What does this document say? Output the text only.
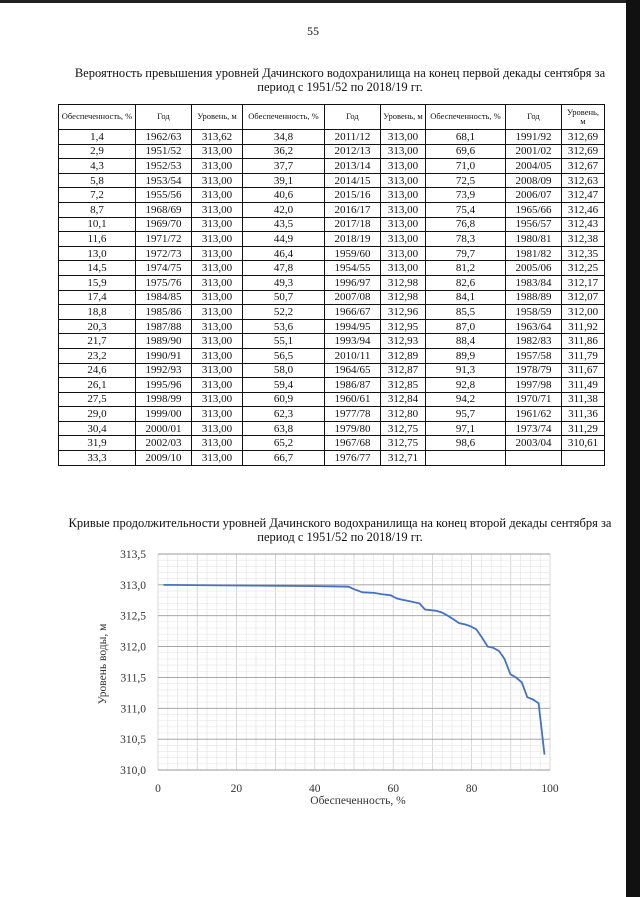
55
Вероятность превышения уровней Дачинского водохранилища на конец первой декады сентября за период с 1951/52 по 2018/19 гг.
Обеспеченность, %	Год	Уровень, м	Обеспеченность, %	Год	Уровень, м	Обеспеченность, %	Год	Уровень, м
1,4	1962/63	313,62	34,8	2011/12	313,00	68,1	1991/92	312,69
2,9	1951/52	313,00	36,2	2012/13	313,00	69,6	2001/02	312,69
4,3	1952/53	313,00	37,7	2013/14	313,00	71,0	2004/05	312,67
5,8	1953/54	313,00	39,1	2014/15	313,00	72,5	2008/09	312,63
7,2	1955/56	313,00	40,6	2015/16	313,00	73,9	2006/07	312,47
8,7	1968/69	313,00	42,0	2016/17	313,00	75,4	1965/66	312,46
10,1	1969/70	313,00	43,5	2017/18	313,00	76,8	1956/57	312,43
11,6	1971/72	313,00	44,9	2018/19	313,00	78,3	1980/81	312,38
13,0	1972/73	313,00	46,4	1959/60	313,00	79,7	1981/82	312,35
14,5	1974/75	313,00	47,8	1954/55	313,00	81,2	2005/06	312,25
15,9	1975/76	313,00	49,3	1996/97	312,98	82,6	1983/84	312,17
17,4	1984/85	313,00	50,7	2007/08	312,98	84,1	1988/89	312,07
18,8	1985/86	313,00	52,2	1966/67	312,96	85,5	1958/59	312,00
20,3	1987/88	313,00	53,6	1994/95	312,95	87,0	1963/64	311,92
21,7	1989/90	313,00	55,1	1993/94	312,93	88,4	1982/83	311,86
23,2	1990/91	313,00	56,5	2010/11	312,89	89,9	1957/58	311,79
24,6	1992/93	313,00	58,0	1964/65	312,87	91,3	1978/79	311,67
26,1	1995/96	313,00	59,4	1986/87	312,85	92,8	1997/98	311,49
27,5	1998/99	313,00	60,9	1960/61	312,84	94,2	1970/71	311,38
29,0	1999/00	313,00	62,3	1977/78	312,80	95,7	1961/62	311,36
30,4	2000/01	313,00	63,8	1979/80	312,75	97,1	1973/74	311,29
31,9	2002/03	313,00	65,2	1967/68	312,75	98,6	2003/04	310,61
33,3	2009/10	313,00	66,7	1976/77	312,71			
Кривые продолжительности уровней Дачинского водохранилища на конец второй декады сентября за период с 1951/52 по 2018/19 гг.
310,0
310,5
311,0
311,5
312,0
312,5
313,0
313,5
0	20	40	60	80	100
Уровень воды, м
Обеспеченность, %
